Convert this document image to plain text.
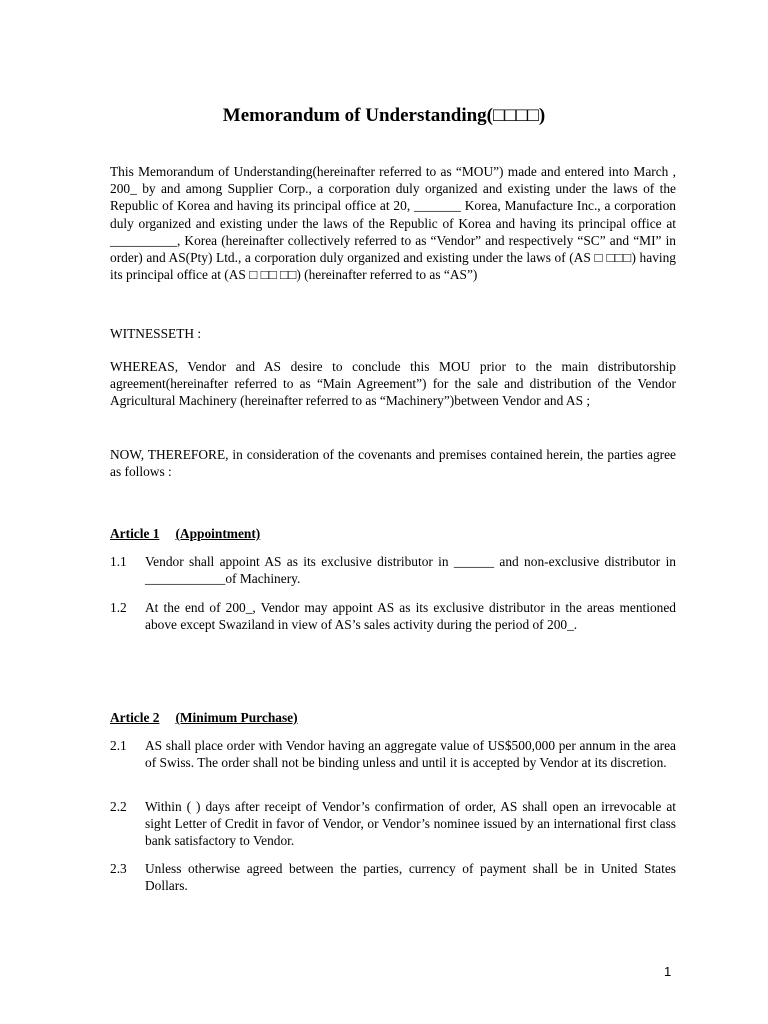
Memorandum of Understanding(□□□□)

This Memorandum of Understanding(hereinafter referred to as “MOU”) made and entered into March , 200_ by and among Supplier Corp., a corporation duly organized and existing under the laws of the Republic of Korea and having its principal office at 20, _______ Korea, Manufacture Inc., a corporation duly organized and existing under the laws of the Republic of Korea and having its principal office at __________, Korea (hereinafter collectively referred to as “Vendor” and respectively “SC” and “MI” in order) and AS(Pty) Ltd., a corporation duly organized and existing under the laws of (AS □ □□□) having its principal office at (AS □ □□ □□) (hereinafter referred to as “AS”)

WITNESSETH :

WHEREAS, Vendor and AS desire to conclude this MOU prior to the main distributorship agreement(hereinafter referred to as “Main Agreement”) for the sale and distribution of the Vendor Agricultural Machinery (hereinafter referred to as “Machinery”)between Vendor and AS ;

NOW, THEREFORE, in consideration of the covenants and premises contained herein, the parties agree as follows :

Article 1 (Appointment)

1.1 Vendor shall appoint AS as its exclusive distributor in ______ and non-exclusive distributor in ____________of Machinery.
1.2 At the end of 200_, Vendor may appoint AS as its exclusive distributor in the areas mentioned above except Swaziland in view of AS’s sales activity during the period of 200_.

Article 2 (Minimum Purchase)

2.1 AS shall place order with Vendor having an aggregate value of US$500,000 per annum in the area of Swiss. The order shall not be binding unless and until it is accepted by Vendor at its discretion.
2.2 Within ( ) days after receipt of Vendor’s confirmation of order, AS shall open an irrevocable at sight Letter of Credit in favor of Vendor, or Vendor’s nominee issued by an international first class bank satisfactory to Vendor.
2.3 Unless otherwise agreed between the parties, currency of payment shall be in United States Dollars.
1
